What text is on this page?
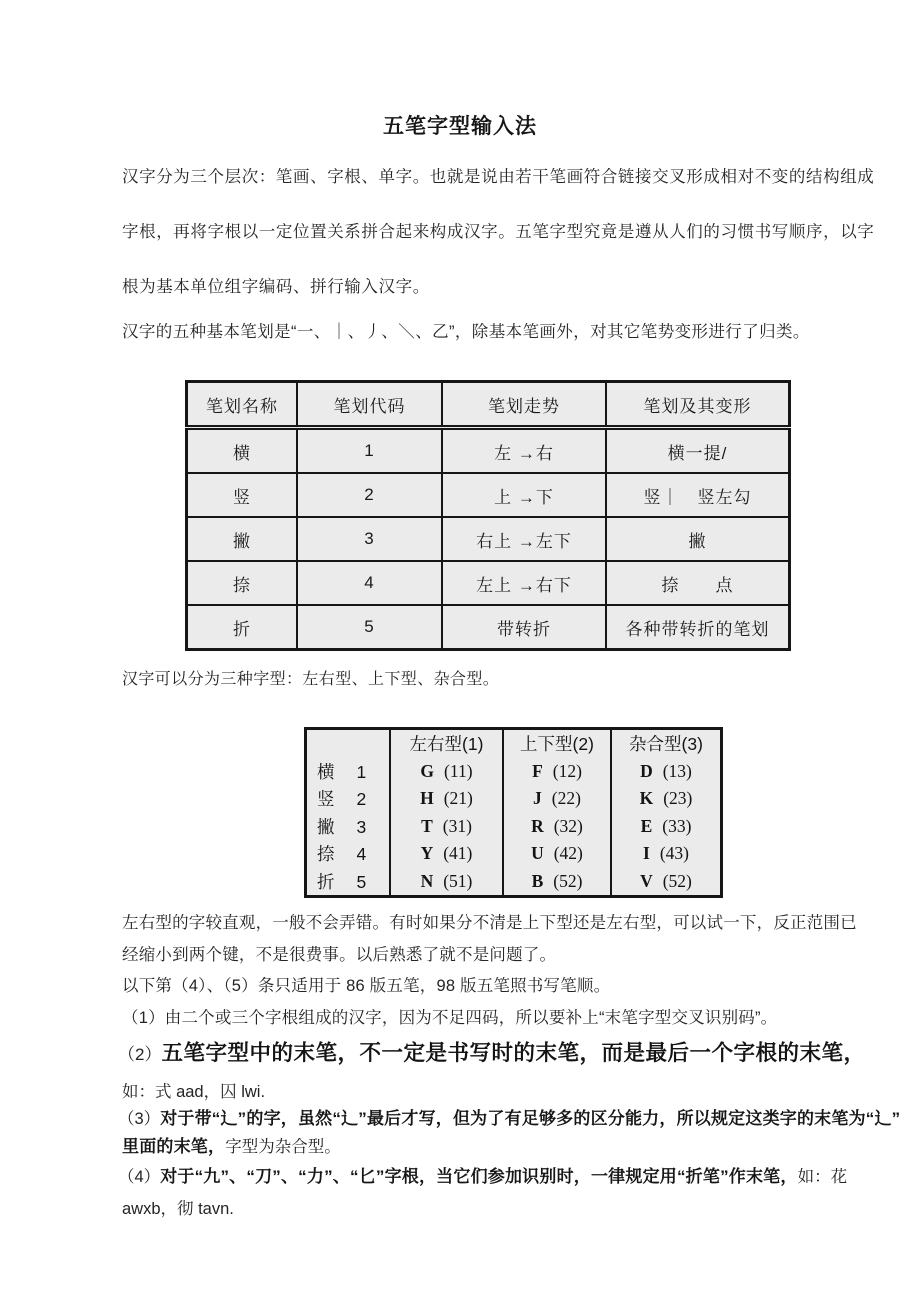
五笔字型输入法
汉字分为三个层次：笔画、字根、单字。也就是说由若干笔画符合链接交叉形成相对不变的结构组成
字根，再将字根以一定位置关系拼合起来构成汉字。五笔字型究竟是遵从人们的习惯书写顺序，以字
根为基本单位组字编码、拼行输入汉字。
汉字的五种基本笔划是“一、｜、丿、＼、乙”，除基本笔画外，对其它笔势变形进行了归类。
笔划名称	笔划代码	笔划走势	笔划及其变形
横	1	左 →右	横一提/
竖	2	上 →下	竖｜　竖左勾
撇	3	右上 →左下	撇
捺	4	左上 →右下	捺　　点
折	5	带转折	各种带转折的笔划
汉字可以分为三种字型：左右型、上下型、杂合型。
	左右型(1)	上下型(2)	杂合型(3)
横 1	G (11)	F (12)	D (13)
竖 2	H (21)	J (22)	K (23)
撇 3	T (31)	R (32)	E (33)
捺 4	Y (41)	U (42)	I (43)
折 5	N (51)	B (52)	V (52)
左右型的字较直观，一般不会弄错。有时如果分不清是上下型还是左右型，可以试一下，反正范围已
经缩小到两个键，不是很费事。以后熟悉了就不是问题了。
以下第（4）、（5）条只适用于 86 版五笔，98 版五笔照书写笔顺。
（1）由二个或三个字根组成的汉字，因为不足四码，所以要补上“末笔字型交叉识别码”。
（2）五笔字型中的末笔，不一定是书写时的末笔，而是最后一个字根的末笔，
如：式 aad，囚 lwi.
（3）对于带“辶”的字，虽然“辶”最后才写，但为了有足够多的区分能力，所以规定这类字的末笔为“辶”
里面的末笔，字型为杂合型。
（4）对于“九”、“刀”、“力”、“匕”字根，当它们参加识别时，一律规定用“折笔”作末笔，如：花
awxb，彻 tavn.
